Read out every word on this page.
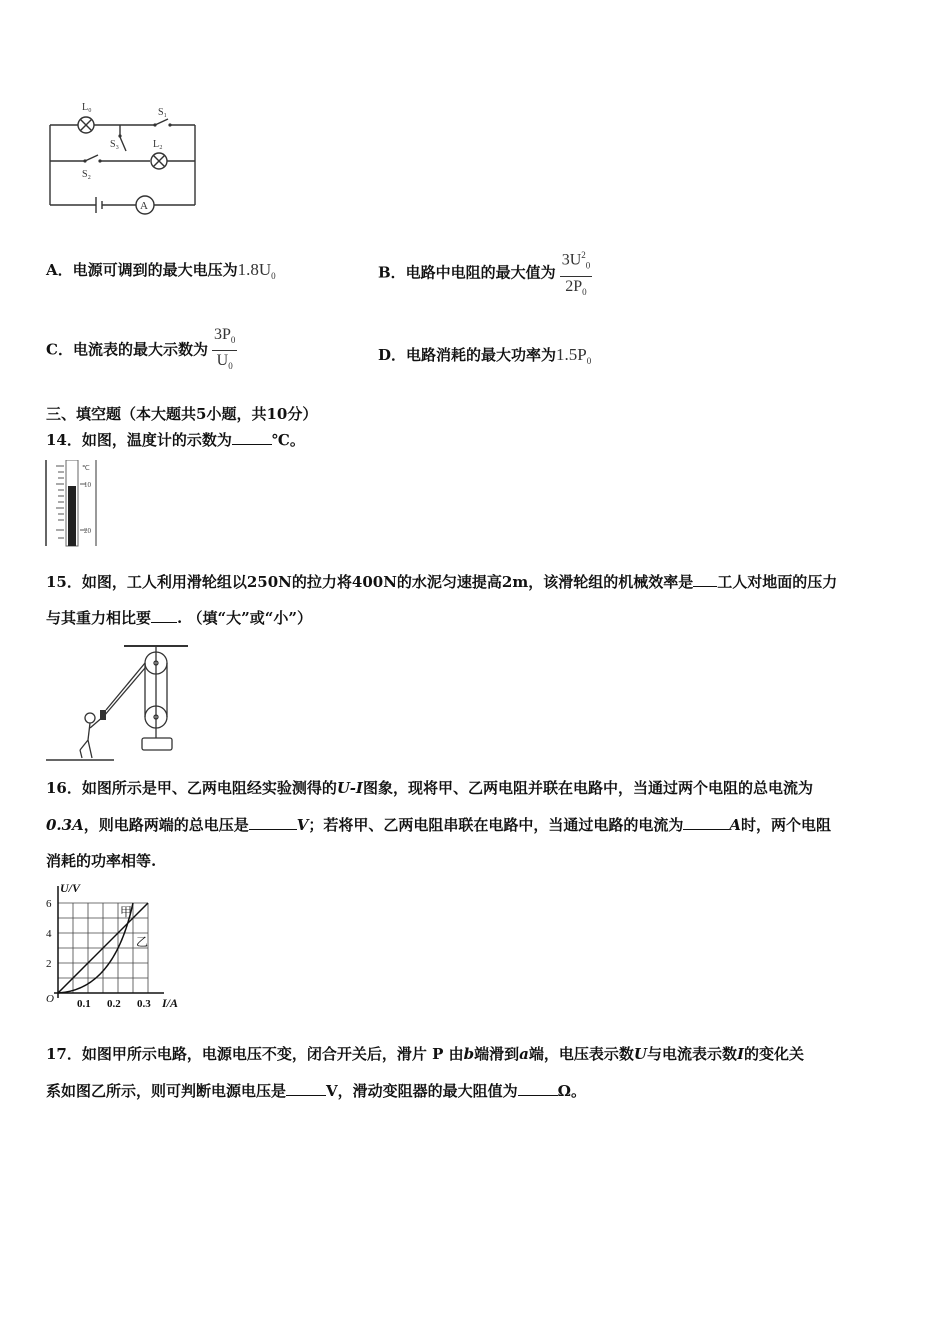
L₀	S₁
S₃	L₂
S₂
A
A．电源可调到的最大电压为$1.8U_0$	B．电路中电阻的最大值为 $\frac{3U^2_0}{2P_0}$
C．电流表的最大示数为 $\frac{3P_0}{U_0}$	D．电路消耗的最大功率为$1.5P_0$
三、填空题（本大题共5小题，共10分）
14．如图，温度计的示数为	℃。
℃
10
20
15．如图，工人利用滑轮组以250N的拉力将400N的水泥匀速提高2m，该滑轮组的机械效率是 工人对地面的压力
与其重力相比要 . （填“大”或“小”）
16．如图所示是甲、乙两电阻经实验测得的U-I图象，现将甲、乙两电阻并联在电路中，当通过两个电阻的总电流为
0.3A，则电路两端的总电压是	V；若将甲、乙两电阻串联在电路中，当通过电路的电流为	A时，两个电阻
消耗的功率相等.
U/V
6
4
2
O 0.1 0.2 0.3 I/A
甲
乙
17．如图甲所示电路，电源电压不变，闭合开关后，滑片 P 由b端滑到a端，电压表示数U与电流表示数I的变化关
系如图乙所示，则可判断电源电压是	V，滑动变阻器的最大阻值为	Ω。
